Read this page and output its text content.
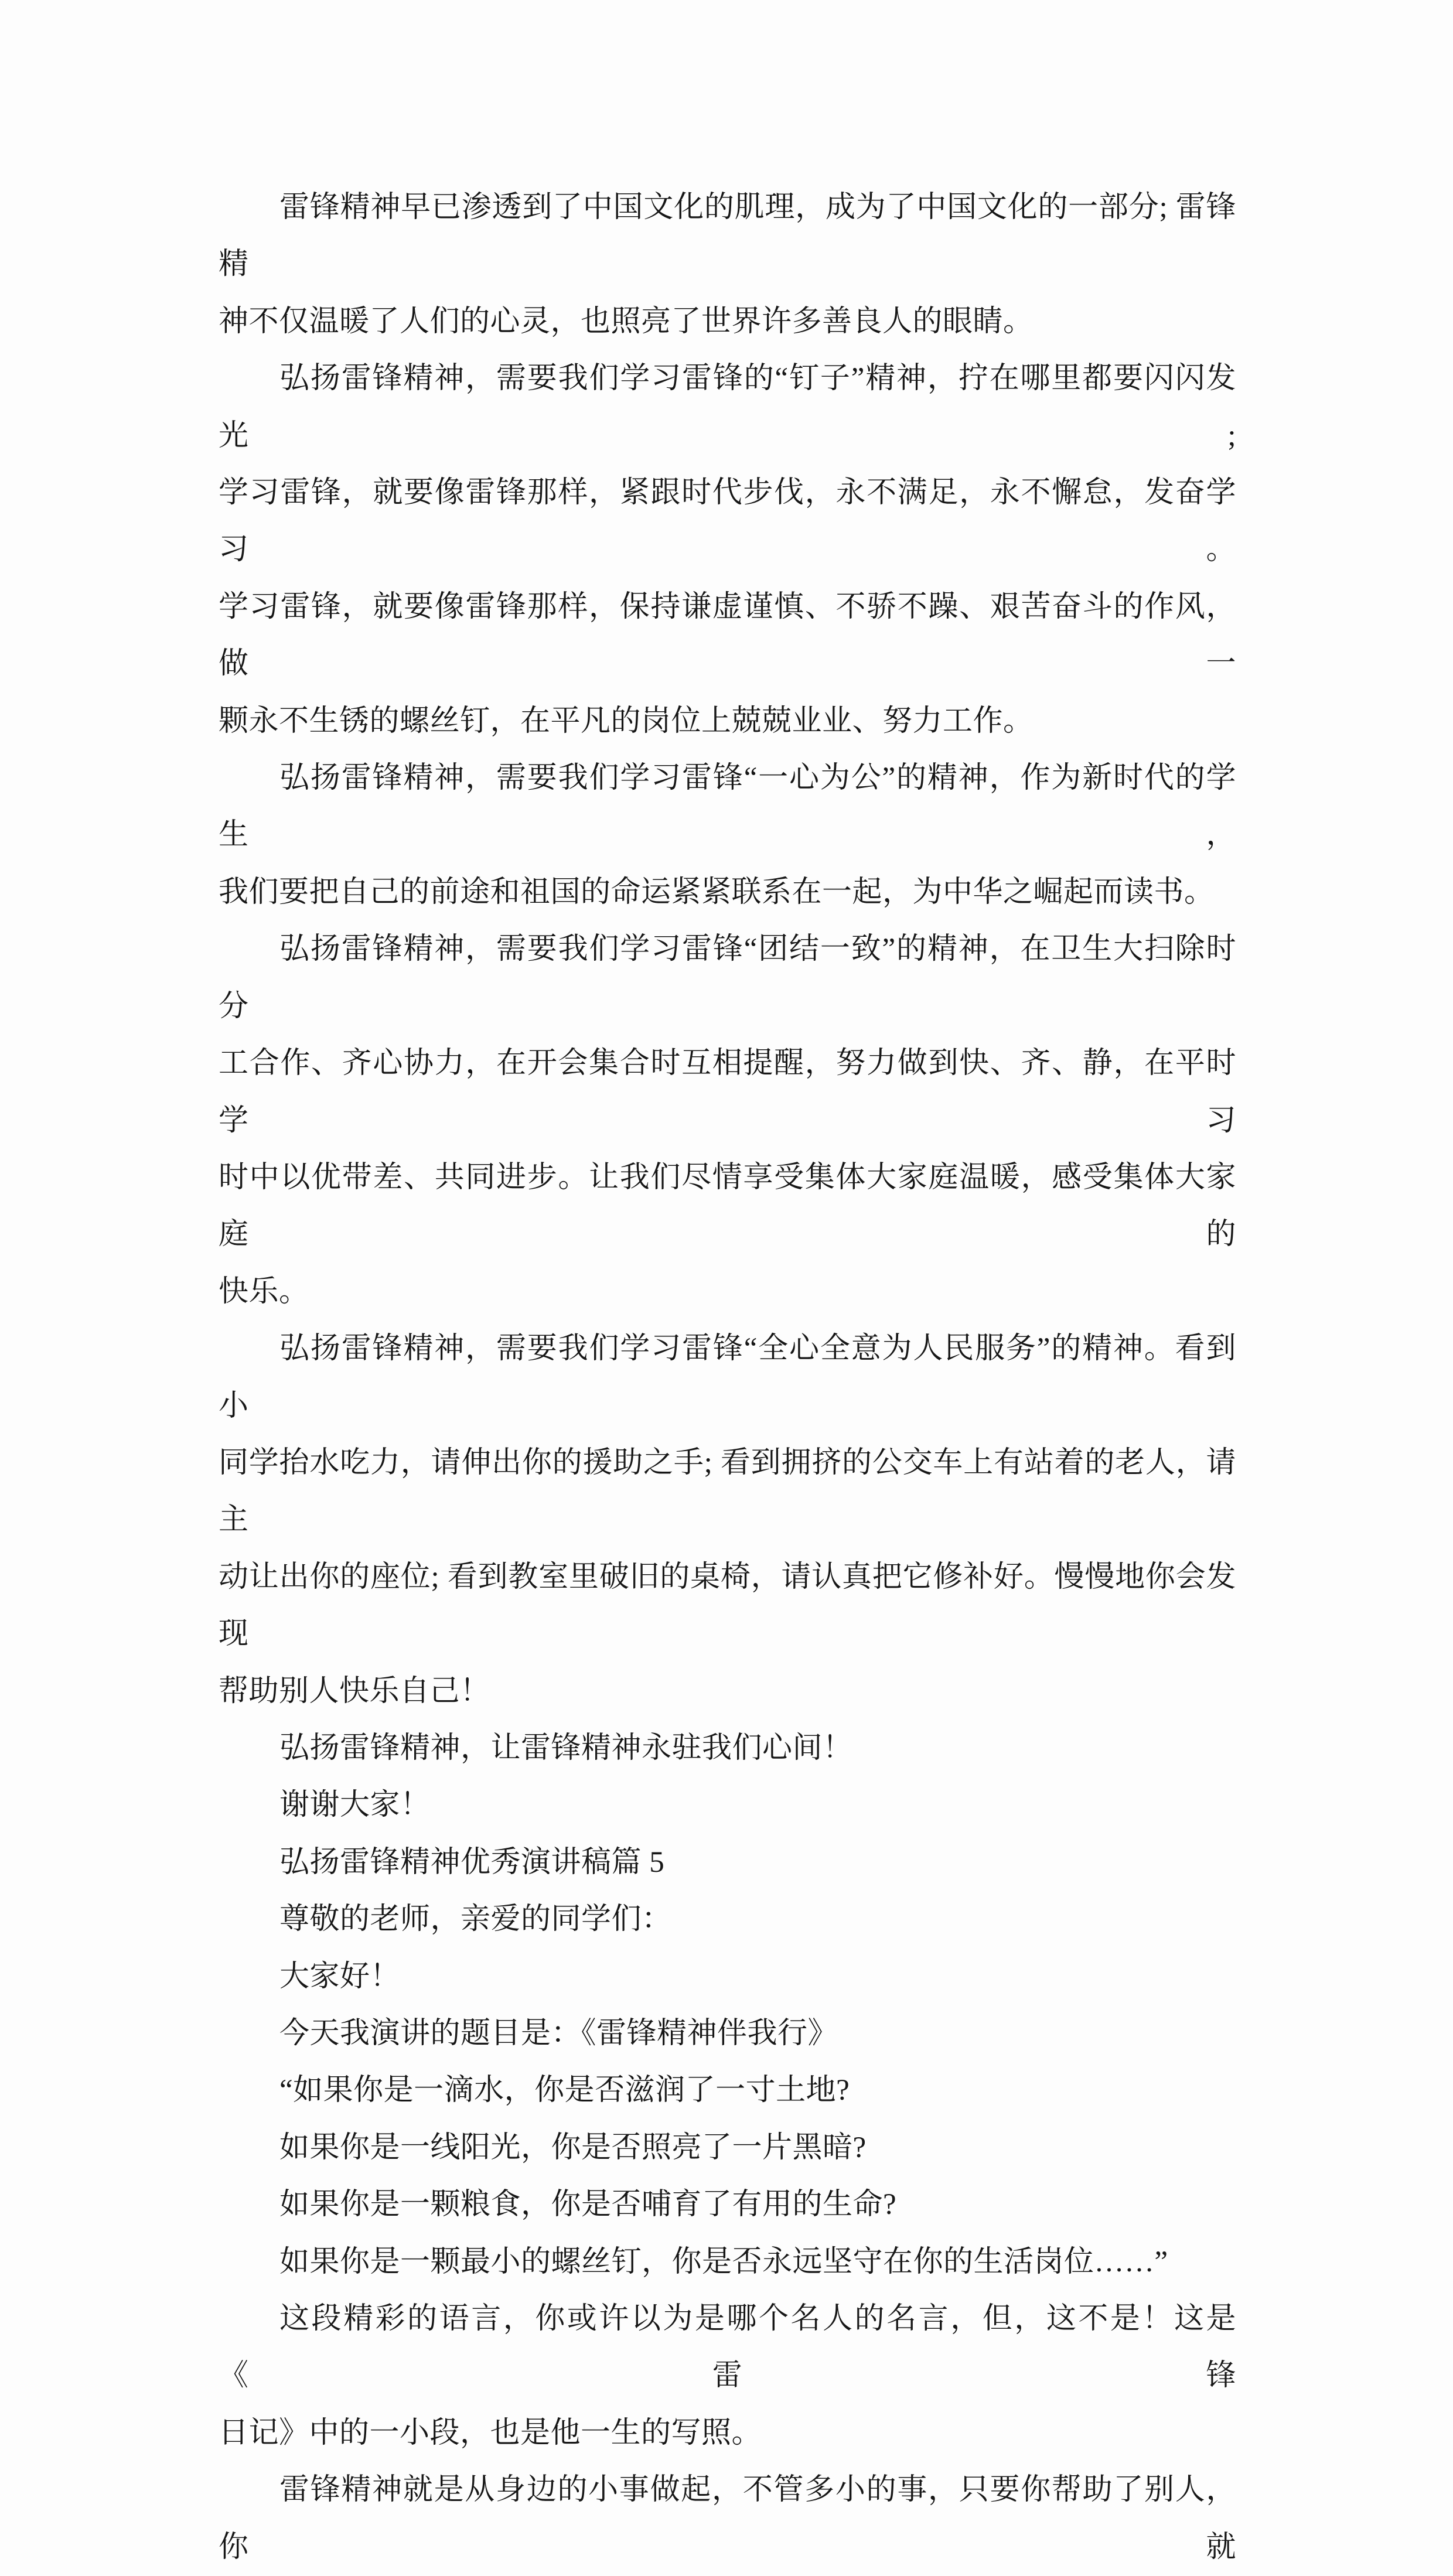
雷锋精神早已渗透到了中国文化的肌理，成为了中国文化的一部分; 雷锋精
神不仅温暖了人们的心灵，也照亮了世界许多善良人的眼睛。
弘扬雷锋精神，需要我们学习雷锋的“钉子”精神，拧在哪里都要闪闪发光;
学习雷锋，就要像雷锋那样，紧跟时代步伐，永不满足，永不懈怠，发奋学习。
学习雷锋，就要像雷锋那样，保持谦虚谨慎、不骄不躁、艰苦奋斗的作风，做一
颗永不生锈的螺丝钉，在平凡的岗位上兢兢业业、努力工作。
弘扬雷锋精神，需要我们学习雷锋“一心为公”的精神，作为新时代的学生，
我们要把自己的前途和祖国的命运紧紧联系在一起，为中华之崛起而读书。
弘扬雷锋精神，需要我们学习雷锋“团结一致”的精神，在卫生大扫除时分
工合作、齐心协力，在开会集合时互相提醒，努力做到快、齐、静，在平时学习
时中以优带差、共同进步。让我们尽情享受集体大家庭温暖，感受集体大家庭的
快乐。
弘扬雷锋精神，需要我们学习雷锋“全心全意为人民服务”的精神。看到小
同学抬水吃力，请伸出你的援助之手; 看到拥挤的公交车上有站着的老人，请主
动让出你的座位; 看到教室里破旧的桌椅，请认真把它修补好。慢慢地你会发现
帮助别人快乐自己！
弘扬雷锋精神，让雷锋精神永驻我们心间！
谢谢大家！
弘扬雷锋精神优秀演讲稿篇 5
尊敬的老师，亲爱的同学们：
大家好！
今天我演讲的题目是：《雷锋精神伴我行》
“如果你是一滴水，你是否滋润了一寸土地?
如果你是一线阳光，你是否照亮了一片黑暗?
如果你是一颗粮食，你是否哺育了有用的生命?
如果你是一颗最小的螺丝钉，你是否永远坚守在你的生活岗位……”
这段精彩的语言，你或许以为是哪个名人的名言，但，这不是！这是《雷锋
日记》中的一小段，也是他一生的写照。
雷锋精神就是从身边的小事做起，不管多小的事，只要你帮助了别人，你就
